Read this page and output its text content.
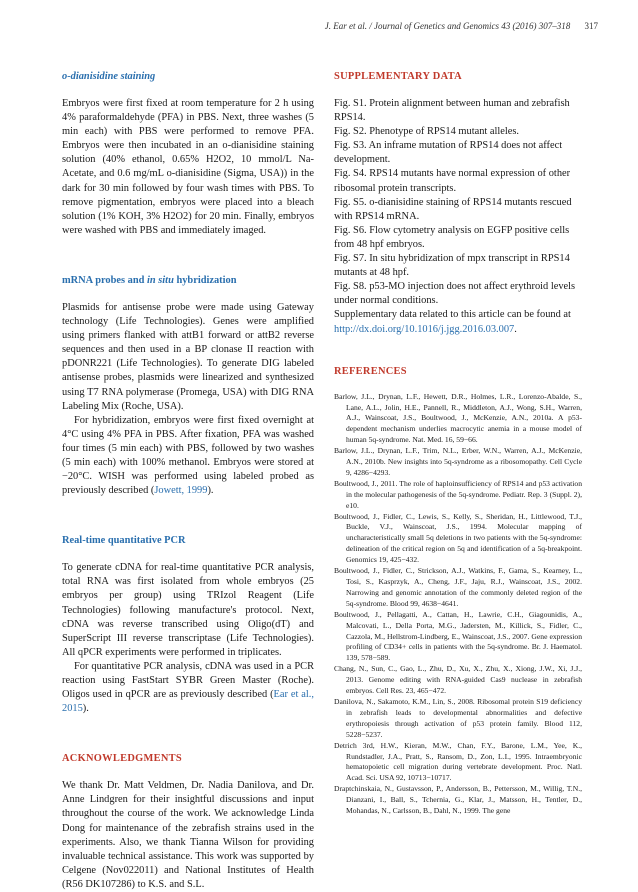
J. Ear et al. / Journal of Genetics and Genomics 43 (2016) 307–318 317
o-dianisidine staining

Embryos were first fixed at room temperature for 2 h using 4% paraformaldehyde (PFA) in PBS. Next, three washes (5 min each) with PBS were performed to remove PFA. Embryos were then incubated in an o-dianisidine staining solution (40% ethanol, 0.65% H2O2, 10 mmol/L Na-Acetate, and 0.6 mg/mL o-dianisidine (Sigma, USA)) in the dark for 30 min followed by four wash times with PBS. To remove pigmentation, embryos were placed into a bleach solution (1% KOH, 3% H2O2) for 20 min. Finally, embryos were washed with PBS and immediately imaged.

mRNA probes and in situ hybridization

Plasmids for antisense probe were made using Gateway technology (Life Technologies). Genes were amplified using primers flanked with attB1 forward or attB2 reverse sequences and then used in a BP clonase II reaction with pDONR221 (Life Technologies). To generate DIG labeled antisense probes, plasmids were linearized and synthesized using T7 RNA polymerase (Promega, USA) with DIG RNA Labeling Mix (Roche, USA).

For hybridization, embryos were first fixed overnight at 4°C using 4% PFA in PBS. After fixation, PFA was washed four times (5 min each) with PBS, followed by two washes (5 min each) with 100% methanol. Embryos were stored at −20°C. WISH was performed using labeled probed as previously described (Jowett, 1999).

Real-time quantitative PCR

To generate cDNA for real-time quantitative PCR analysis, total RNA was first isolated from whole embryos (25 embryos per group) using TRIzol Reagent (Life Technologies) following manufacture's protocol. Next, cDNA was reverse transcribed using Oligo(dT) and SuperScript III reverse transcriptase (Life Technologies). All qPCR experiments were performed in triplicates.

For quantitative PCR analysis, cDNA was used in a PCR reaction using FastStart SYBR Green Master (Roche). Oligos used in qPCR are as previously described (Ear et al., 2015).

ACKNOWLEDGMENTS

We thank Dr. Matt Veldmen, Dr. Nadia Danilova, and Dr. Anne Lindgren for their insightful discussions and input throughout the course of the work. We acknowledge Linda Dong for maintenance of the zebrafish strains used in the experiments. Also, we thank Tianna Wilson for providing invaluable technical assistance. This work was supported by Celgene (Nov022011) and National Institutes of Health (R56 DK107286) to K.S. and S.L.

SUPPLEMENTARY DATA

Fig. S1. Protein alignment between human and zebrafish RPS14.

Fig. S2. Phenotype of RPS14 mutant alleles.

Fig. S3. An inframe mutation of RPS14 does not affect development.

Fig. S4. RPS14 mutants have normal expression of other ribosomal protein transcripts.

Fig. S5. o-dianisidine staining of RPS14 mutants rescued with RPS14 mRNA.

Fig. S6. Flow cytometry analysis on EGFP positive cells from 48 hpf embryos.

Fig. S7. In situ hybridization of mpx transcript in RPS14 mutants at 48 hpf.

Fig. S8. p53-MO injection does not affect erythroid levels under normal conditions.

Supplementary data related to this article can be found at http://dx.doi.org/10.1016/j.jgg.2016.03.007.

REFERENCES

Barlow, J.L., Drynan, L.F., Hewett, D.R., Holmes, L.R., Lorenzo-Abalde, S., Lane, A.L., Jolin, H.E., Pannell, R., Middleton, A.J., Wong, S.H., Warren, A.J., Wainscoat, J.S., Boultwood, J., McKenzie, A.N., 2010a. A p53-dependent mechanism underlies macrocytic anemia in a mouse model of human 5q-syndrome. Nat. Med. 16, 59−66.

Barlow, J.L., Drynan, L.F., Trim, N.L., Erber, W.N., Warren, A.J., McKenzie, A.N., 2010b. New insights into 5q-syndrome as a ribosomopathy. Cell Cycle 9, 4286−4293.

Boultwood, J., 2011. The role of haploinsufficiency of RPS14 and p53 activation in the molecular pathogenesis of the 5q-syndrome. Pediatr. Rep. 3 (Suppl. 2), e10.

Boultwood, J., Fidler, C., Lewis, S., Kelly, S., Sheridan, H., Littlewood, T.J., Buckle, V.J., Wainscoat, J.S., 1994. Molecular mapping of uncharacteristically small 5q deletions in two patients with the 5q-syndrome: delineation of the critical region on 5q and identification of a 5q-breakpoint. Genomics 19, 425−432.

Boultwood, J., Fidler, C., Strickson, A.J., Watkins, F., Gama, S., Kearney, L., Tosi, S., Kasprzyk, A., Cheng, J.F., Jaju, R.J., Wainscoat, J.S., 2002. Narrowing and genomic annotation of the commonly deleted region of the 5q-syndrome. Blood 99, 4638−4641.

Boultwood, J., Pellagatti, A., Cattan, H., Lawrie, C.H., Giagounidis, A., Malcovati, L., Della Porta, M.G., Jadersten, M., Killick, S., Fidler, C., Cazzola, M., Hellstrom-Lindberg, E., Wainscoat, J.S., 2007. Gene expression profiling of CD34+ cells in patients with the 5q-syndrome. Br. J. Haematol. 139, 578−589.

Chang, N., Sun, C., Gao, L., Zhu, D., Xu, X., Zhu, X., Xiong, J.W., Xi, J.J., 2013. Genome editing with RNA-guided Cas9 nuclease in zebrafish embryos. Cell Res. 23, 465−472.

Danilova, N., Sakamoto, K.M., Lin, S., 2008. Ribosomal protein S19 deficiency in zebrafish leads to developmental abnormalities and defective erythropoiesis through activation of p53 protein family. Blood 112, 5228−5237.

Detrich 3rd, H.W., Kieran, M.W., Chan, F.Y., Barone, L.M., Yee, K., Rundstadler, J.A., Pratt, S., Ransom, D., Zon, L.I., 1995. Intraembryonic hematopoietic cell migration during vertebrate development. Proc. Natl. Acad. Sci. USA 92, 10713−10717.

Draptchinskaia, N., Gustavsson, P., Andersson, B., Pettersson, M., Willig, T.N., Dianzani, I., Ball, S., Tchernia, G., Klar, J., Matsson, H., Tentler, D., Mohandas, N., Carlsson, B., Dahl, N., 1999. The gene
